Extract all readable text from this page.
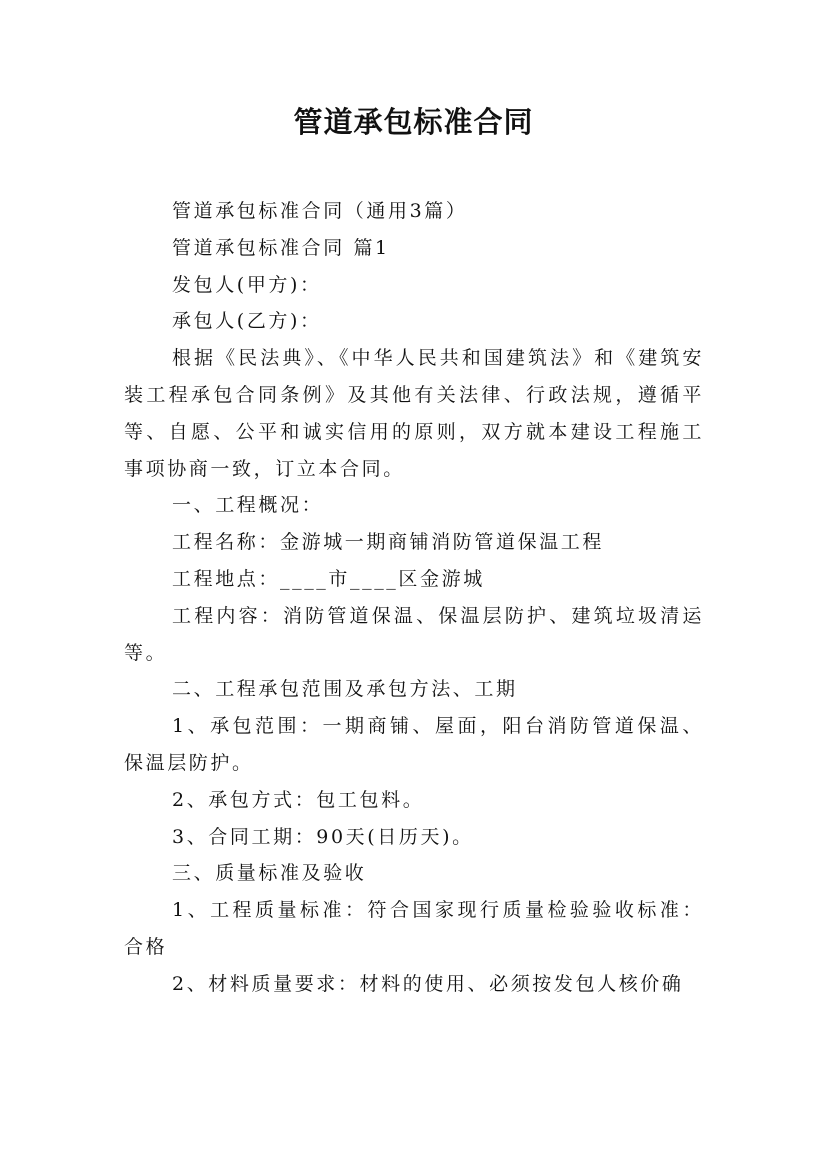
管道承包标准合同

管道承包标准合同（通用3篇）

管道承包标准合同 篇1

发包人(甲方)：

承包人(乙方)：

根据《民法典》、《中华人民共和国建筑法》和《建筑安装工程承包合同条例》及其他有关法律、行政法规，遵循平等、自愿、公平和诚实信用的原则，双方就本建设工程施工事项协商一致，订立本合同。

一、工程概况：

工程名称：金游城一期商铺消防管道保温工程

工程地点：____市____区金游城

工程内容：消防管道保温、保温层防护、建筑垃圾清运等。

二、工程承包范围及承包方法、工期

1、承包范围：一期商铺、屋面，阳台消防管道保温、保温层防护。

2、承包方式：包工包料。

3、合同工期：90天(日历天)。

三、质量标准及验收

1、工程质量标准：符合国家现行质量检验验收标准：合格

2、材料质量要求：材料的使用、必须按发包人核价确
